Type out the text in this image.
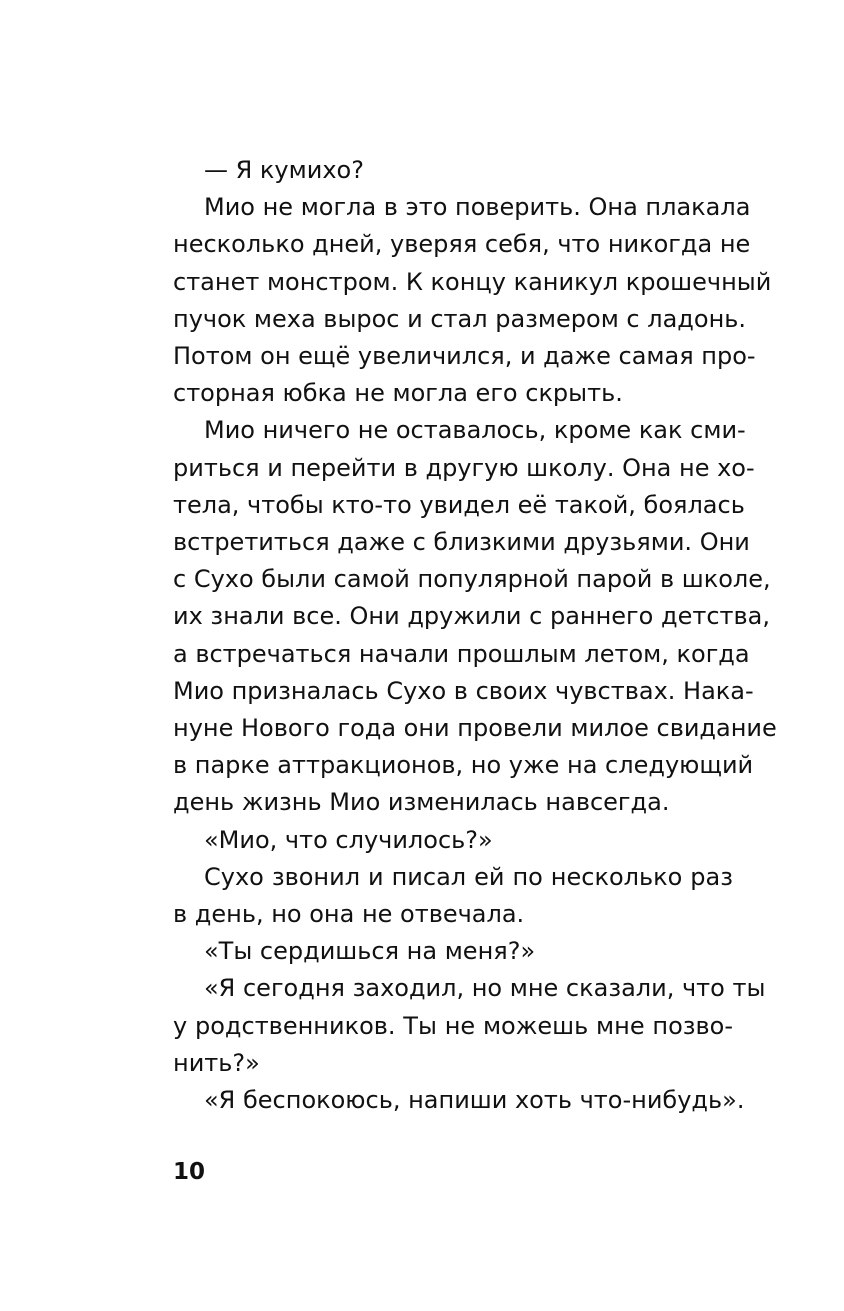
— Я кумихо?

Мио не могла в это поверить. Она плакала
несколько дней, уверяя себя, что никогда не
станет монстром. К концу каникул крошечный
пучок меха вырос и стал размером с ладонь.
Потом он ещё увеличился, и даже самая про-
сторная юбка не могла его скрыть.

Мио ничего не оставалось, кроме как сми-
риться и перейти в другую школу. Она не хо-
тела, чтобы кто-то увидел её такой, боялась
встретиться даже с близкими друзьями. Они
с Сухо были самой популярной парой в школе,
их знали все. Они дружили с раннего детства,
а встречаться начали прошлым летом, когда
Мио призналась Сухо в своих чувствах. Нака-
нуне Нового года они провели милое свидание
в парке аттракционов, но уже на следующий
день жизнь Мио изменилась навсегда.

«Мио, что случилось?»

Сухо звонил и писал ей по несколько раз
в день, но она не отвечала.

«Ты сердишься на меня?»

«Я сегодня заходил, но мне сказали, что ты
у родственников. Ты не можешь мне позво-
нить?»

«Я беспокоюсь, напиши хоть что-нибудь».

10
